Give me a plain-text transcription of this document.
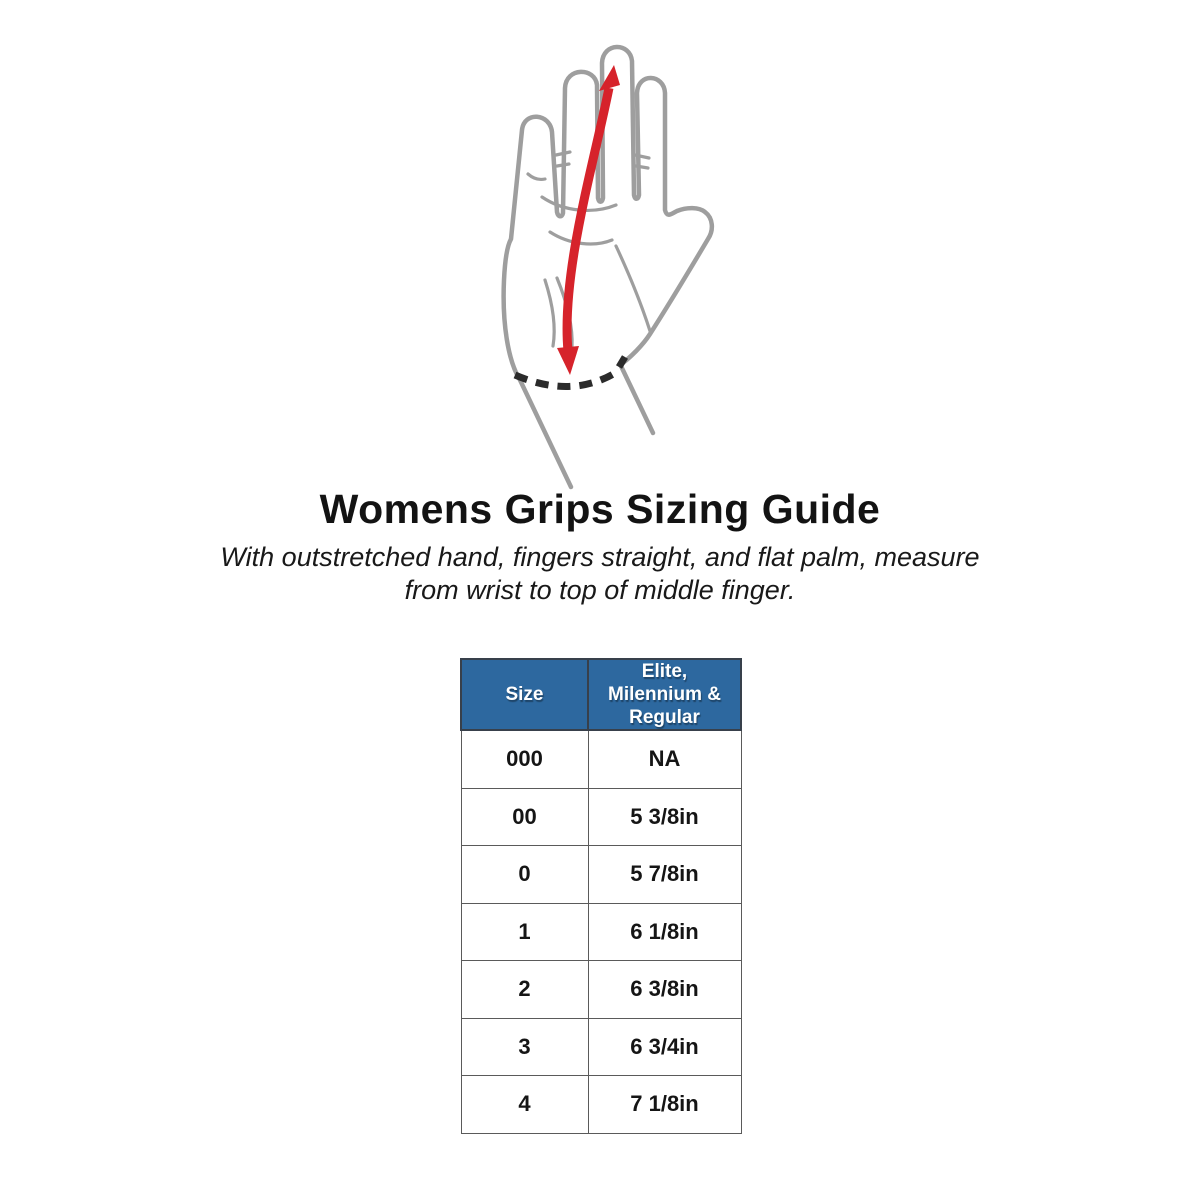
Womens Grips Sizing Guide

With outstretched hand, fingers straight, and flat palm, measure
from wrist to top of middle finger.

Size	Elite, Milennium & Regular
000	NA
00	5 3/8in
0	5 7/8in
1	6 1/8in
2	6 3/8in
3	6 3/4in
4	7 1/8in
